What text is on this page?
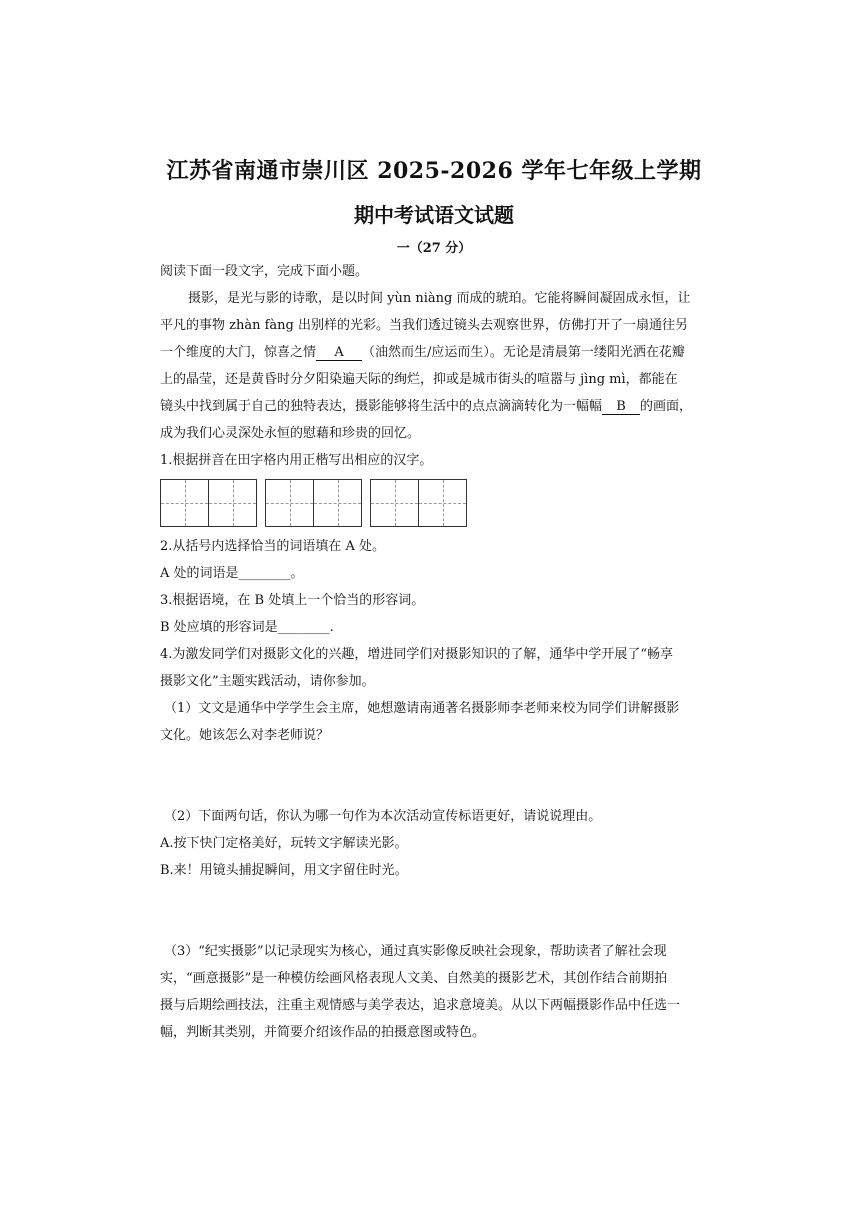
江苏省南通市崇川区 2025-2026 学年七年级上学期
期中考试语文试题
一（27 分）
阅读下面一段文字，完成下面小题。
摄影，是光与影的诗歌，是以时间 yùn niàng 而成的琥珀。它能将瞬间凝固成永恒，让
平凡的事物 zhàn fàng 出别样的光彩。当我们透过镜头去观察世界，仿佛打开了一扇通往另
一个维度的大门，惊喜之情 A （油然而生/应运而生）。无论是清晨第一缕阳光洒在花瓣
上的晶莹，还是黄昏时分夕阳染遍天际的绚烂，抑或是城市街头的喧嚣与 jìng mì，都能在
镜头中找到属于自己的独特表达，摄影能够将生活中的点点滴滴转化为一幅幅 B 的画面，
成为我们心灵深处永恒的慰藉和珍贵的回忆。
1.根据拼音在田字格内用正楷写出相应的汉字。
2.从括号内选择恰当的词语填在 A 处。
A 处的词语是________。
3.根据语境，在 B 处填上一个恰当的形容词。
B 处应填的形容词是________.
4.为激发同学们对摄影文化的兴趣，增进同学们对摄影知识的了解，通华中学开展了“畅享
摄影文化”主题实践活动，请你参加。
（1）文文是通华中学学生会主席，她想邀请南通著名摄影师李老师来校为同学们讲解摄影
文化。她该怎么对李老师说？
（2）下面两句话，你认为哪一句作为本次活动宣传标语更好，请说说理由。
A.按下快门定格美好，玩转文字解读光影。
B.来！用镜头捕捉瞬间，用文字留住时光。
（3）“纪实摄影”以记录现实为核心，通过真实影像反映社会现象，帮助读者了解社会现
实，“画意摄影”是一种模仿绘画风格表现人文美、自然美的摄影艺术，其创作结合前期拍
摄与后期绘画技法，注重主观情感与美学表达，追求意境美。从以下两幅摄影作品中任选一
幅，判断其类别，并简要介绍该作品的拍摄意图或特色。
